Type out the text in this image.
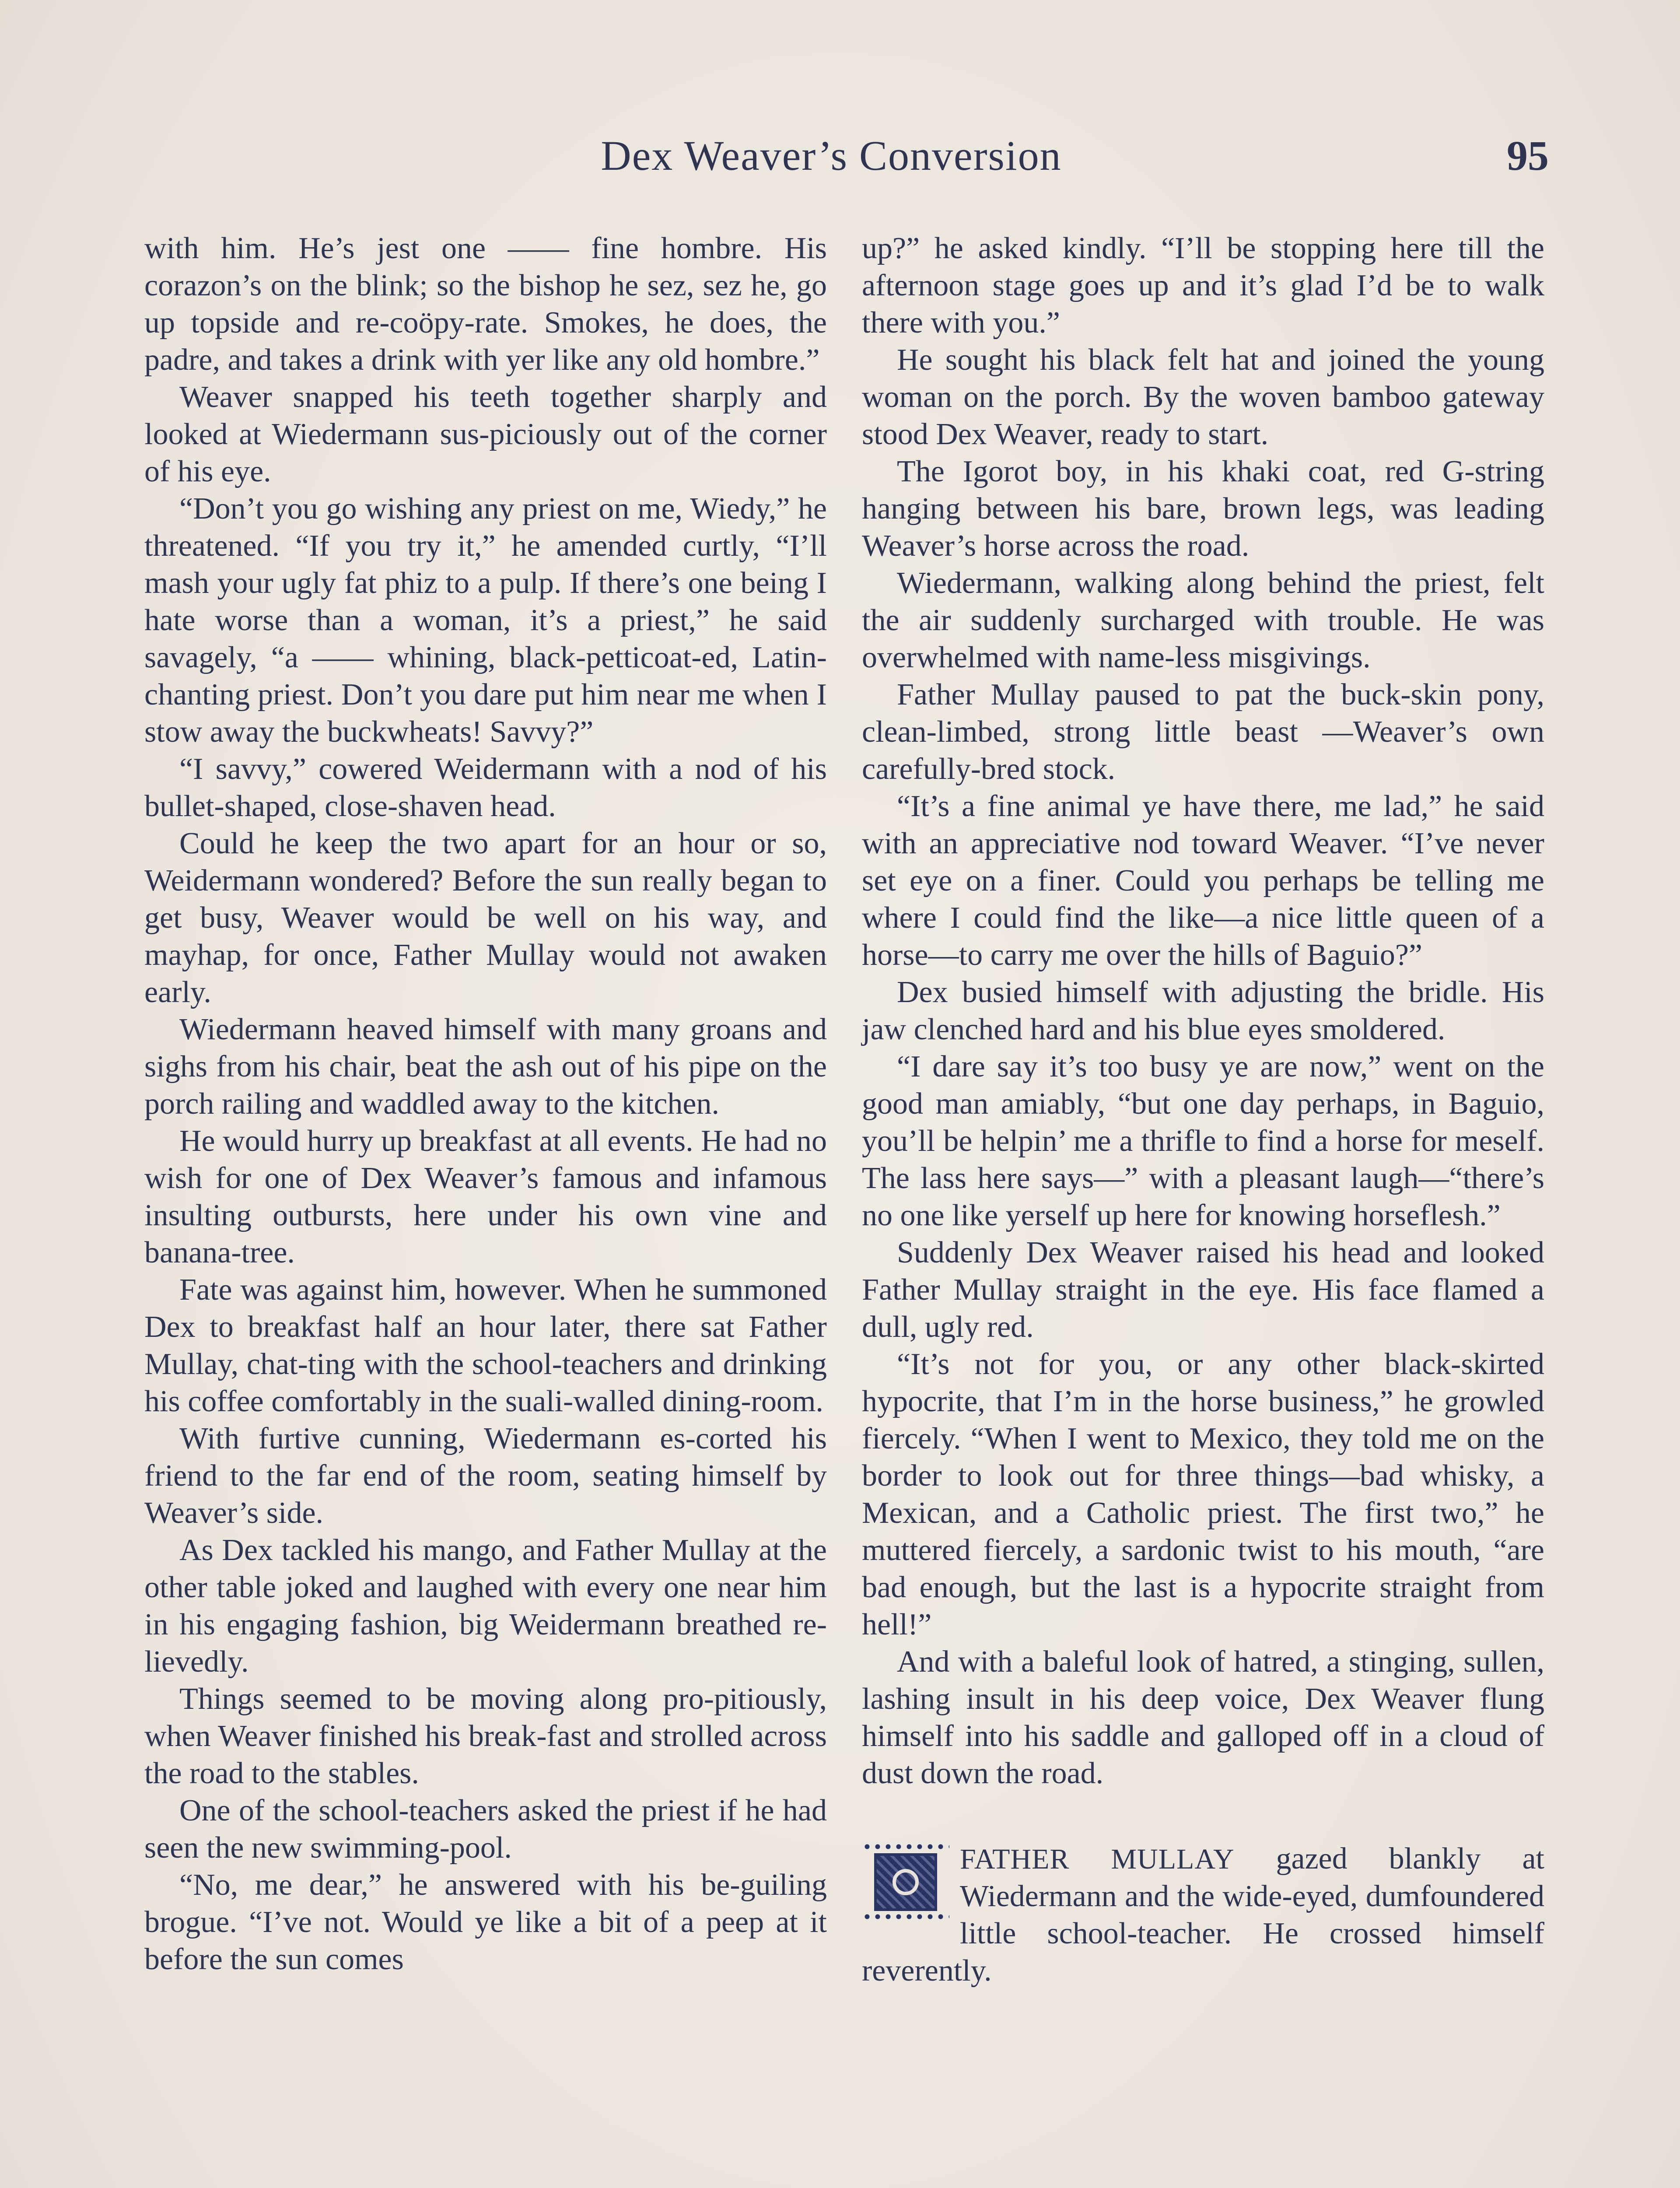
Dex Weaver’s Conversion	95

with him. He’s jest one —— fine hombre. His corazon’s on the blink; so the bishop he sez, sez he, go up topside and re-coöpy-rate. Smokes, he does, the padre, and takes a drink with yer like any old hombre.”

Weaver snapped his teeth together sharply and looked at Wiedermann sus-piciously out of the corner of his eye.

“Don’t you go wishing any priest on me, Wiedy,” he threatened. “If you try it,” he amended curtly, “I’ll mash your ugly fat phiz to a pulp. If there’s one being I hate worse than a woman, it’s a priest,” he said savagely, “a —— whining, black-petticoat-ed, Latin-chanting priest. Don’t you dare put him near me when I stow away the buckwheats! Savvy?”

“I savvy,” cowered Weidermann with a nod of his bullet-shaped, close-shaven head.

Could he keep the two apart for an hour or so, Weidermann wondered? Before the sun really began to get busy, Weaver would be well on his way, and mayhap, for once, Father Mullay would not awaken early.

Wiedermann heaved himself with many groans and sighs from his chair, beat the ash out of his pipe on the porch railing and waddled away to the kitchen.

He would hurry up breakfast at all events. He had no wish for one of Dex Weaver’s famous and infamous insulting outbursts, here under his own vine and banana-tree.

Fate was against him, however. When he summoned Dex to breakfast half an hour later, there sat Father Mullay, chat-ting with the school-teachers and drinking his coffee comfortably in the suali-walled dining-room.

With furtive cunning, Wiedermann es-corted his friend to the far end of the room, seating himself by Weaver’s side.

As Dex tackled his mango, and Father Mullay at the other table joked and laughed with every one near him in his engaging fashion, big Weidermann breathed re-lievedly.

Things seemed to be moving along pro-pitiously, when Weaver finished his break-fast and strolled across the road to the stables.

One of the school-teachers asked the priest if he had seen the new swimming-pool.

“No, me dear,” he answered with his be-guiling brogue. “I’ve not. Would ye like a bit of a peep at it before the sun comes

up?” he asked kindly. “I’ll be stopping here till the afternoon stage goes up and it’s glad I’d be to walk there with you.”

He sought his black felt hat and joined the young woman on the porch. By the woven bamboo gateway stood Dex Weaver, ready to start.

The Igorot boy, in his khaki coat, red G-string hanging between his bare, brown legs, was leading Weaver’s horse across the road.

Wiedermann, walking along behind the priest, felt the air suddenly surcharged with trouble. He was overwhelmed with name-less misgivings.

Father Mullay paused to pat the buck-skin pony, clean-limbed, strong little beast —Weaver’s own carefully-bred stock.

“It’s a fine animal ye have there, me lad,” he said with an appreciative nod toward Weaver. “I’ve never set eye on a finer. Could you perhaps be telling me where I could find the like—a nice little queen of a horse—to carry me over the hills of Baguio?”

Dex busied himself with adjusting the bridle. His jaw clenched hard and his blue eyes smoldered.

“I dare say it’s too busy ye are now,” went on the good man amiably, “but one day perhaps, in Baguio, you’ll be helpin’ me a thrifle to find a horse for meself. The lass here says—” with a pleasant laugh—“there’s no one like yerself up here for knowing horseflesh.”

Suddenly Dex Weaver raised his head and looked Father Mullay straight in the eye. His face flamed a dull, ugly red.

“It’s not for you, or any other black-skirted hypocrite, that I’m in the horse business,” he growled fiercely. “When I went to Mexico, they told me on the border to look out for three things—bad whisky, a Mexican, and a Catholic priest. The first two,” he muttered fiercely, a sardonic twist to his mouth, “are bad enough, but the last is a hypocrite straight from hell!”

And with a baleful look of hatred, a stinging, sullen, lashing insult in his deep voice, Dex Weaver flung himself into his saddle and galloped off in a cloud of dust down the road.

FATHER MULLAY gazed blankly at Wiedermann and the wide-eyed, dumfoundered little school-teacher. He crossed himself reverently.
